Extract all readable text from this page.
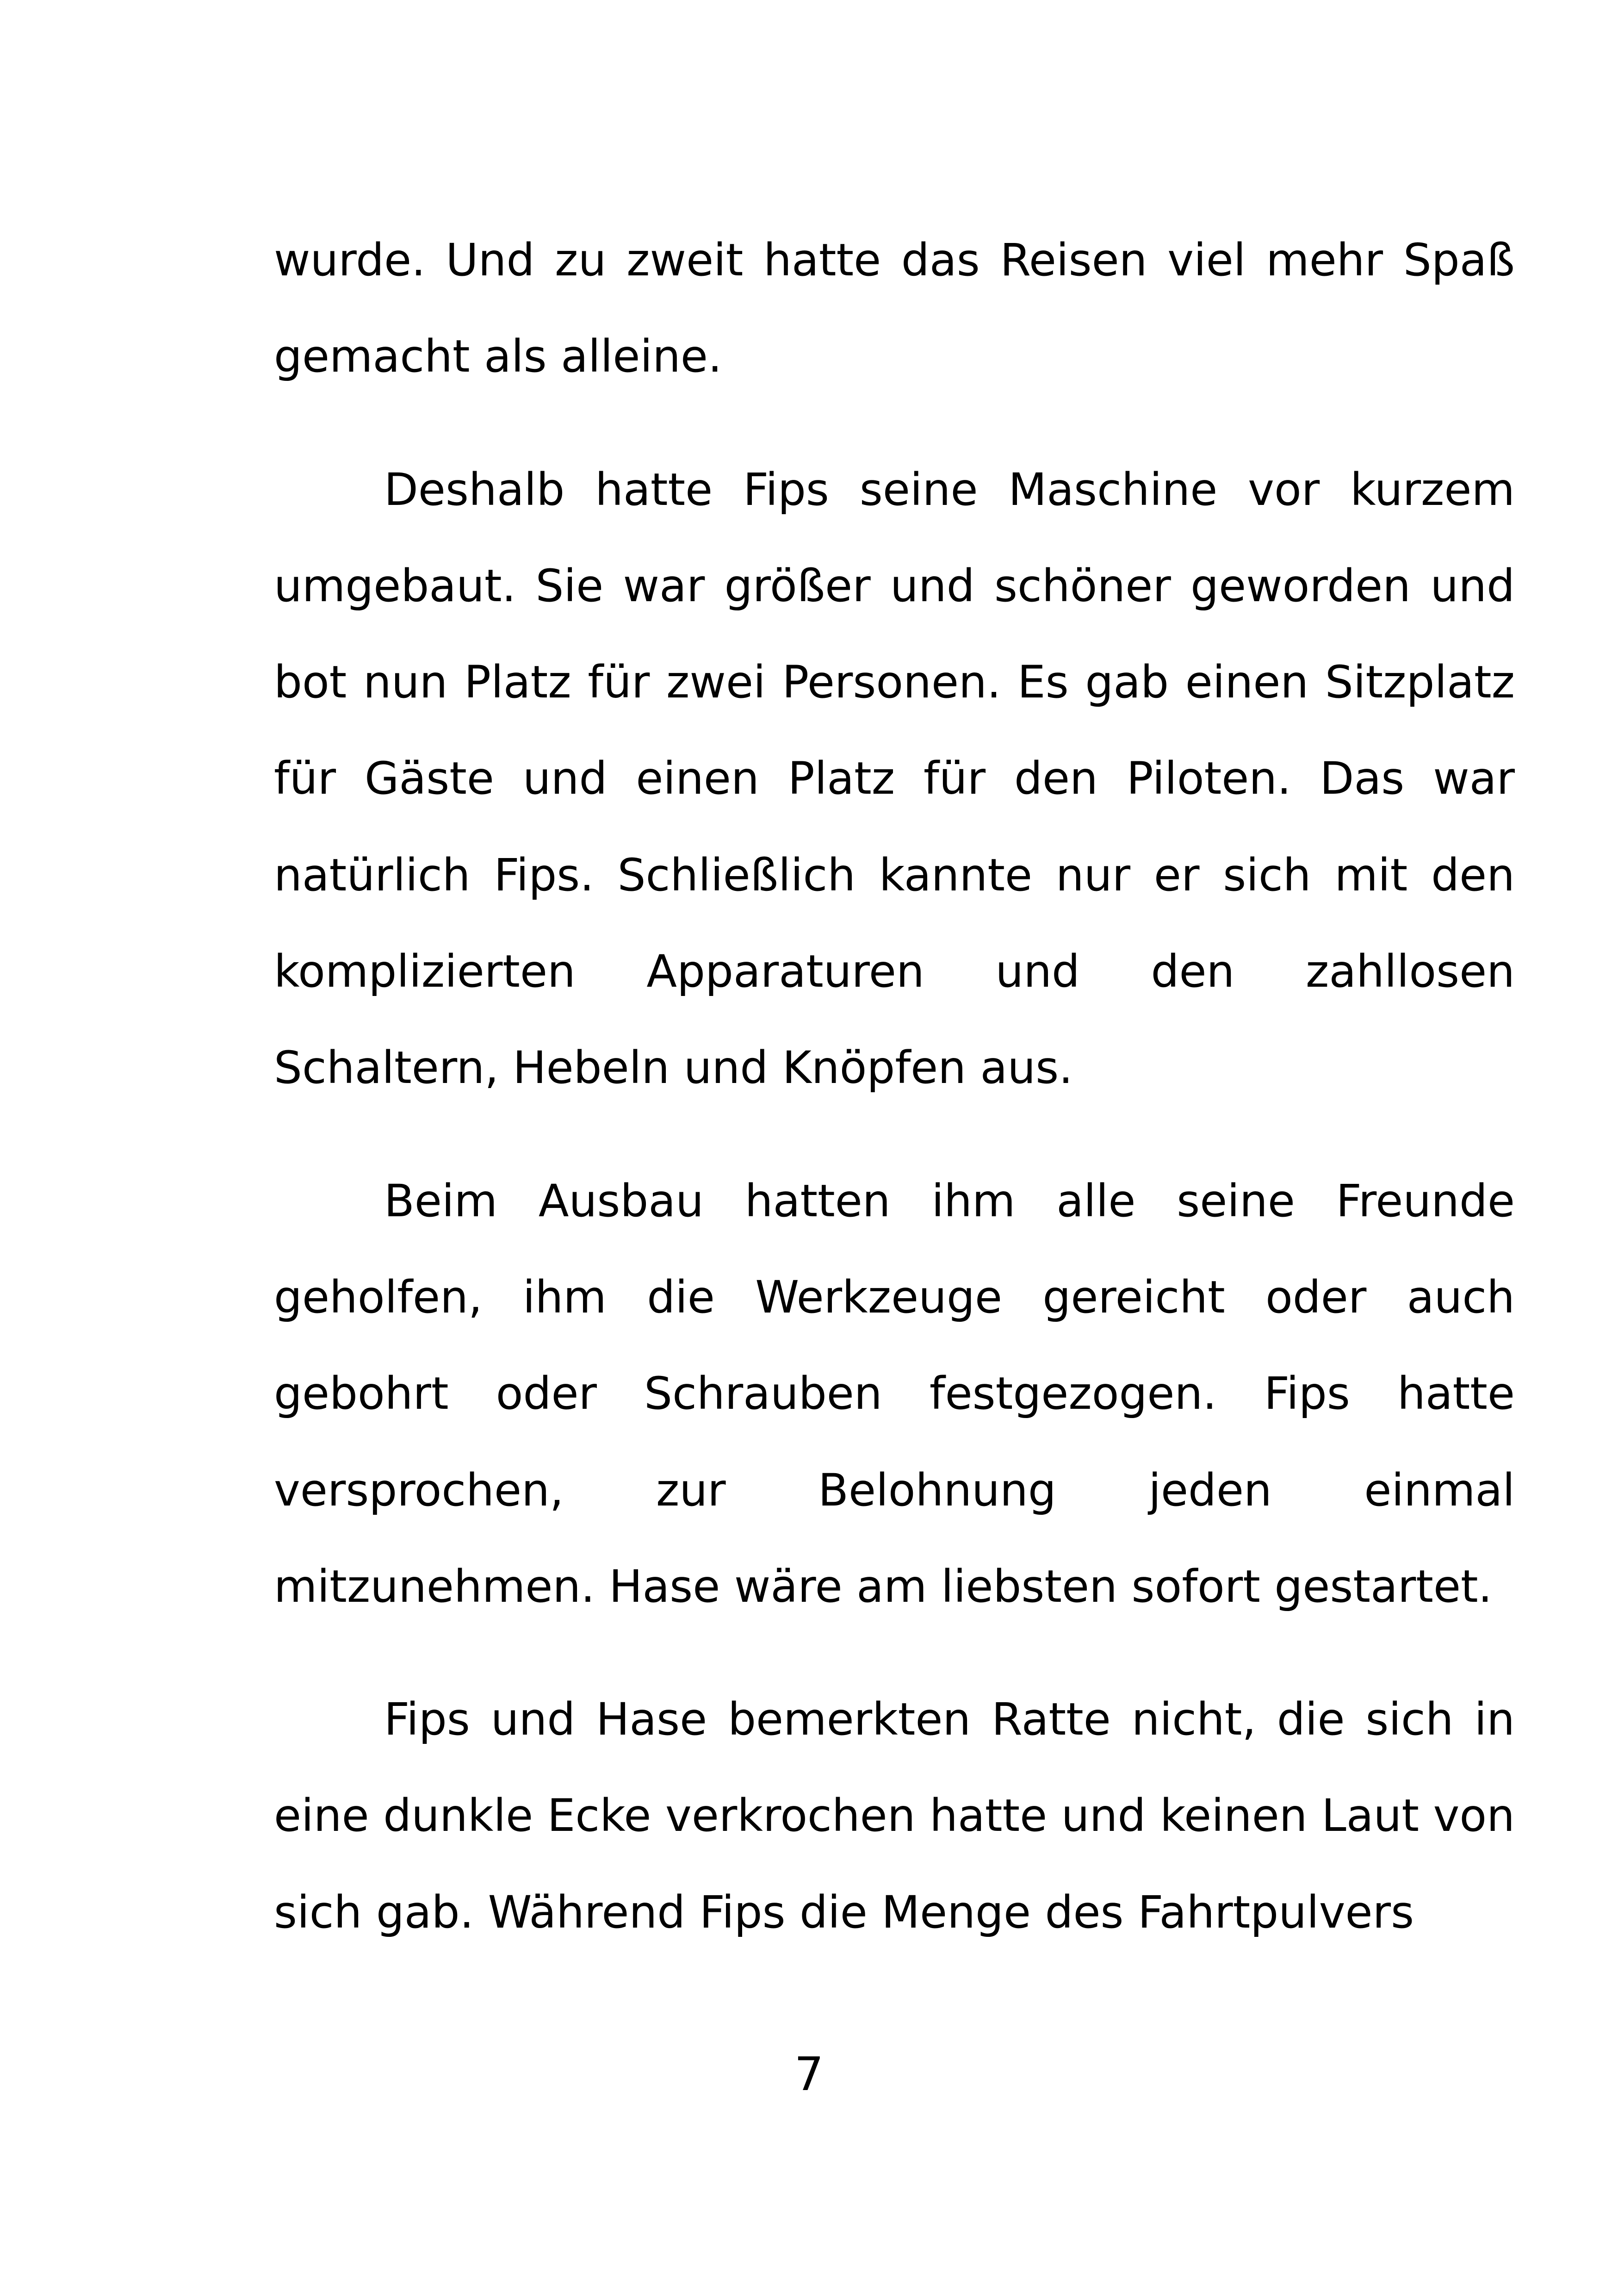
wurde. Und zu zweit hatte das Reisen viel mehr Spaß gemacht als alleine.

Deshalb hatte Fips seine Maschine vor kurzem umgebaut. Sie war größer und schöner geworden und bot nun Platz für zwei Personen. Es gab einen Sitzplatz für Gäste und einen Platz für den Piloten. Das war natürlich Fips. Schließlich kannte nur er sich mit den komplizierten Apparaturen und den zahllosen Schaltern, Hebeln und Knöpfen aus.

Beim Ausbau hatten ihm alle seine Freunde geholfen, ihm die Werkzeuge gereicht oder auch gebohrt oder Schrauben festgezogen. Fips hatte versprochen, zur Belohnung jeden einmal mitzunehmen. Hase wäre am liebsten sofort gestartet.

Fips und Hase bemerkten Ratte nicht, die sich in eine dunkle Ecke verkrochen hatte und keinen Laut von sich gab. Während Fips die Menge des Fahrtpulvers

7
